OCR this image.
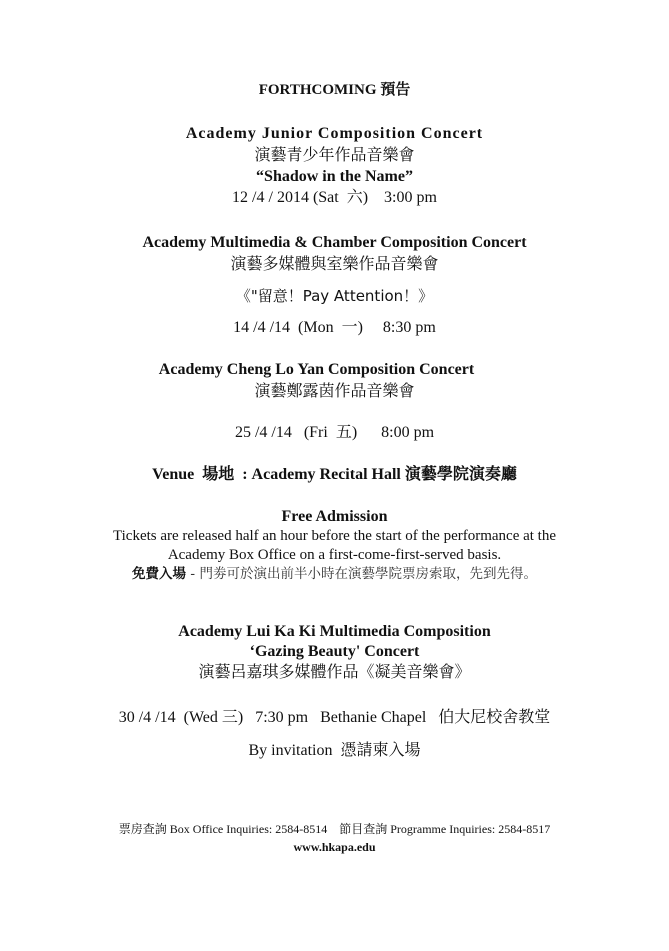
FORTHCOMING 預告
Academy Junior Composition Concert
演藝青少年作品音樂會
“Shadow in the Name”
12 /4 / 2014 (Sat  六)    3:00 pm
Academy Multimedia & Chamber Composition Concert
演藝多媒體與室樂作品音樂會
《"留意！Pay Attention！》
14 /4 /14  (Mon  一)     8:30 pm
Academy Cheng Lo Yan Composition Concert
演藝鄭露茵作品音樂會
25 /4 /14   (Fri  五)      8:00 pm
Venue  場地  : Academy Recital Hall 演藝學院演奏廳
Free Admission
Tickets are released half an hour before the start of the performance at the
Academy Box Office on a first-come-first-served basis.
免費入場 - 門劵可於演出前半小時在演藝學院票房索取，先到先得。
Academy Lui Ka Ki Multimedia Composition
‘Gazing Beauty' Concert
演藝呂嘉琪多媒體作品《凝美音樂會》
30 /4 /14  (Wed 三)   7:30 pm   Bethanie Chapel   伯大尼校舍教堂
By invitation  憑請柬入場
票房查詢 Box Office Inquiries: 2584-8514    節目查詢 Programme Inquiries: 2584-8517
www.hkapa.edu
